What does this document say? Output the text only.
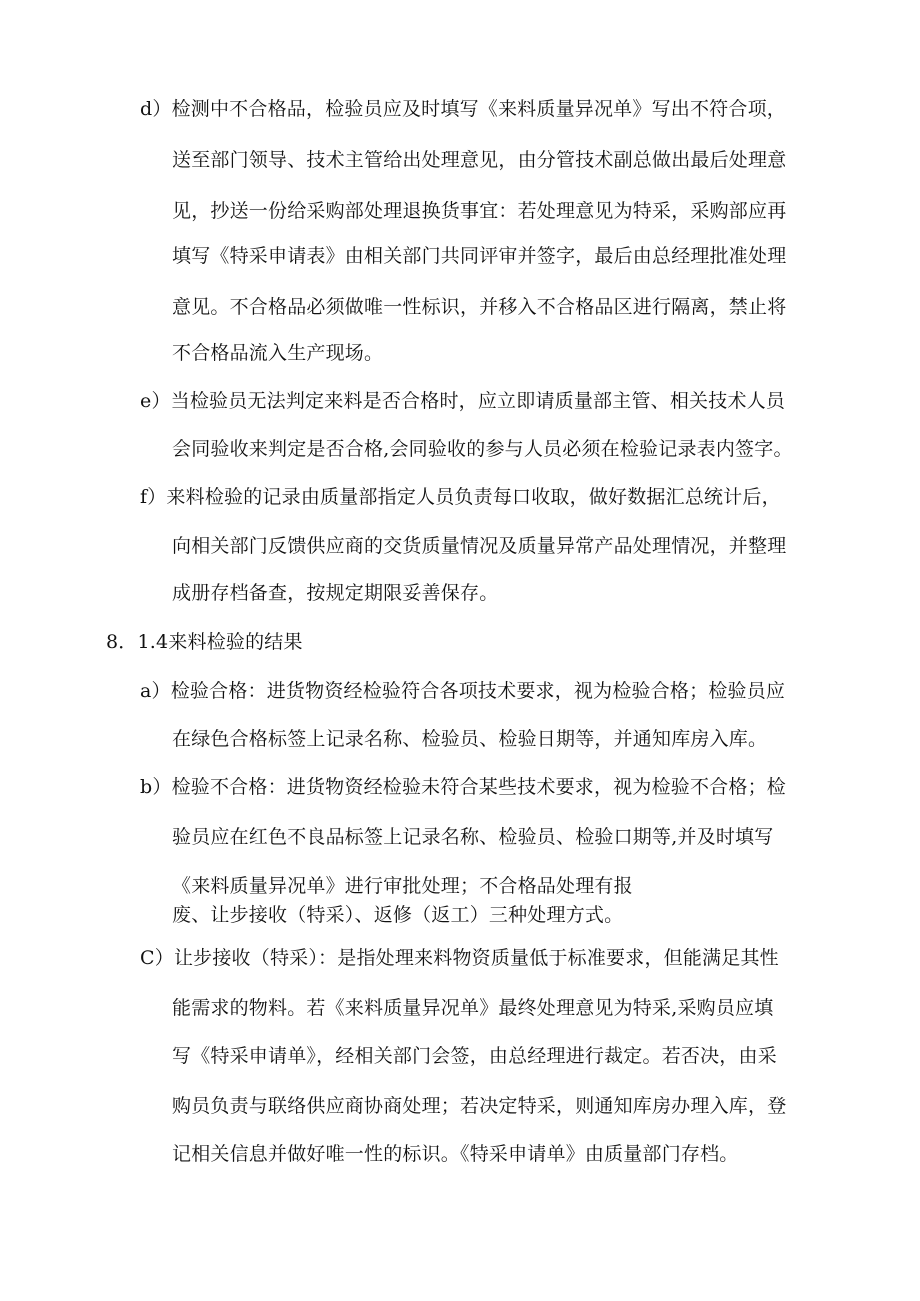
d）检测中不合格品，检验员应及时填写《来料质量异况单》写出不符合项，
送至部门领导、技术主管给出处理意见，由分管技术副总做出最后处理意
见，抄送一份给采购部处理退换货事宜：若处理意见为特采，采购部应再
填写《特采申请表》由相关部门共同评审并签字，最后由总经理批准处理
意见。不合格品必须做唯一性标识，并移入不合格品区进行隔离，禁止将
不合格品流入生产现场。
e）当检验员无法判定来料是否合格时，应立即请质量部主管、相关技术人员
会同验收来判定是否合格,会同验收的参与人员必须在检验记录表内签字。
f）来料检验的记录由质量部指定人员负责每口收取，做好数据汇总统计后，
向相关部门反馈供应商的交货质量情况及质量异常产品处理情况，并整理
成册存档备查，按规定期限妥善保存。
8．1.4来料检验的结果
a）检验合格：进货物资经检验符合各项技术要求，视为检验合格；检验员应
在绿色合格标签上记录名称、检验员、检验日期等，并通知库房入库。
b）检验不合格：进货物资经检验未符合某些技术要求，视为检验不合格；检
验员应在红色不良品标签上记录名称、检验员、检验口期等,并及时填写
《来料质量异况单》进行审批处理；不合格品处理有报
废、让步接收（特采）、返修（返工）三种处理方式。
C）让步接收（特采）：是指处理来料物资质量低于标准要求，但能满足其性
能需求的物料。若《来料质量异况单》最终处理意见为特采,采购员应填
写《特采申请单》，经相关部门会签，由总经理进行裁定。若否决，由采
购员负责与联络供应商协商处理；若决定特采，则通知库房办理入库，登
记相关信息并做好唯一性的标识。《特采申请单》由质量部门存档。
